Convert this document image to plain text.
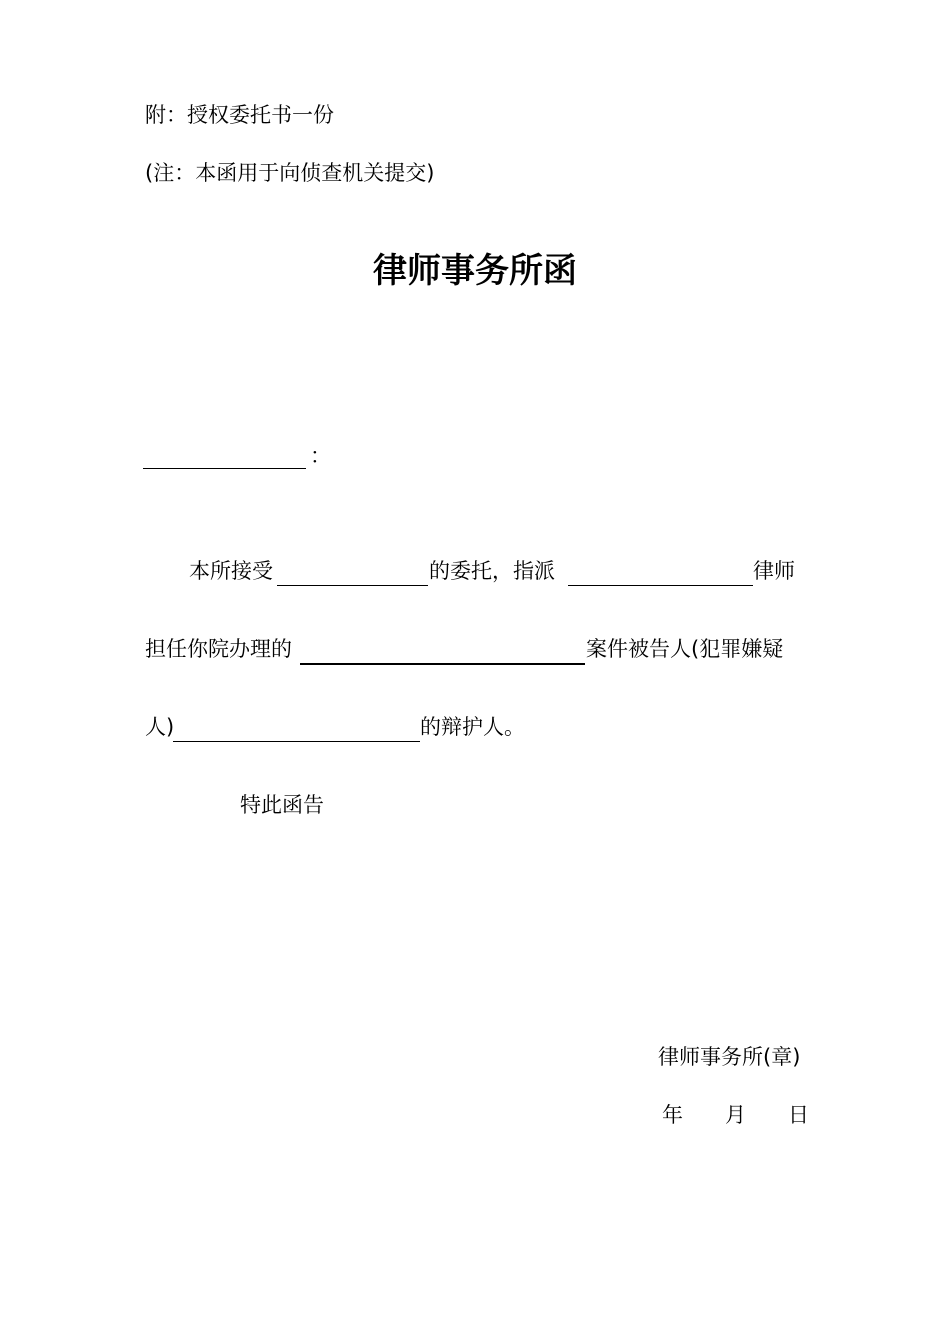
附：授权委托书一份
(注：本函用于向侦查机关提交)
律师事务所函
：
本所接受	的委托，指派	律师
担任你院办理的	案件被告人(犯罪嫌疑
人)	的辩护人。
特此函告
律师事务所(章)
年 月 日
